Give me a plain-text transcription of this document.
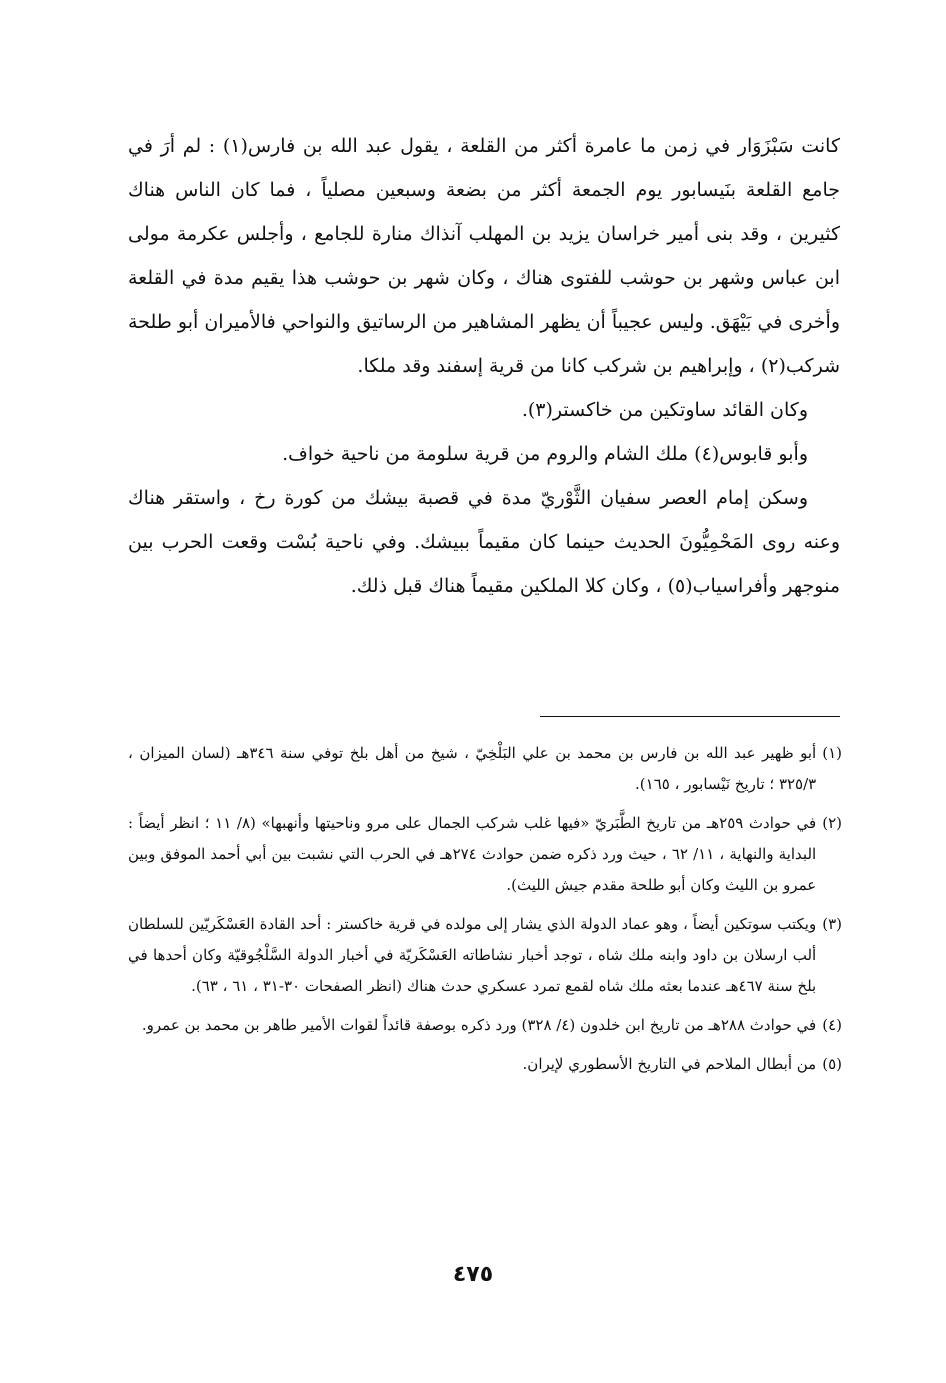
كانت سَبْزَوَار في زمن ما عامرة أكثر من القلعة ، يقول عبد الله بن فارس(١) : لم أرَ في جامع القلعة بنَيسابور يوم الجمعة أكثر من بضعة وسبعين مصلياً ، فما كان الناس هناك كثيرين ، وقد بنى أمير خراسان يزيد بن المهلب آنذاك منارة للجامع ، وأجلس عكرمة مولى ابن عباس وشهر بن حوشب للفتوى هناك ، وكان شهر بن حوشب هذا يقيم مدة في القلعة وأخرى في بَيْهَق. وليس عجيباً أن يظهر المشاهير من الرساتيق والنواحي فالأميران أبو طلحة شركب(٢) ، وإبراهيم بن شركب كانا من قرية إسفند وقد ملكا.

وكان القائد ساوتكين من خاكستر(٣).

وأبو قابوس(٤) ملك الشام والروم من قرية سلومة من ناحية خواف.

وسكن إمام العصر سفيان الثَّوْريّ مدة في قصبة بيشك من كورة رخ ، واستقر هناك وعنه روى المَحْمِيُّونَ الحديث حينما كان مقيماً ببيشك. وفي ناحية بُسْت وقعت الحرب بين منوجهر وأفراسياب(٥) ، وكان كلا الملكين مقيماً هناك قبل ذلك.

(١)
أبو ظهير عبد الله بن فارس بن محمد بن علي البَلْخِيّ ، شيخ من أهل بلخ توفي سنة ٣٤٦هـ (لسان الميزان ، ٣٢٥/٣ ؛ تاريخ نَيْسابور ، ١٦٥).
(٢)
في حوادث ٢٥٩هـ من تاريخ الطَّبَريّ «فيها غلب شركب الجمال على مرو وناحيتها وأنهبها» (٨/ ١١ ؛ انظر أيضاً : البداية والنهاية ، ١١/ ٦٢ ، حيث ورد ذكره ضمن حوادث ٢٧٤هـ في الحرب التي نشبت بين أبي أحمد الموفق وبين عمرو بن الليث وكان أبو طلحة مقدم جيش الليث).
(٣)
ويكتب سوتكين أيضاً ، وهو عماد الدولة الذي يشار إلى مولده في قرية خاكستر : أحد القادة العَسْكَريّين للسلطان ألب ارسلان بن داود وابنه ملك شاه ، توجد أخبار نشاطاته العَسْكَريّة في أخبار الدولة السَّلْجُوقيّة وكان أحدها في بلخ سنة ٤٦٧هـ عندما بعثه ملك شاه لقمع تمرد عسكري حدث هناك (انظر الصفحات ٣٠-٣١ ، ٦١ ، ٦٣).
(٤)
في حوادث ٢٨٨هـ من تاريخ ابن خلدون (٤/ ٣٢٨) ورد ذكره بوصفة قائداً لقوات الأمير طاهر بن محمد بن عمرو.
(٥)
من أبطال الملاحم في التاريخ الأسطوري لإيران.
٤٧٥
